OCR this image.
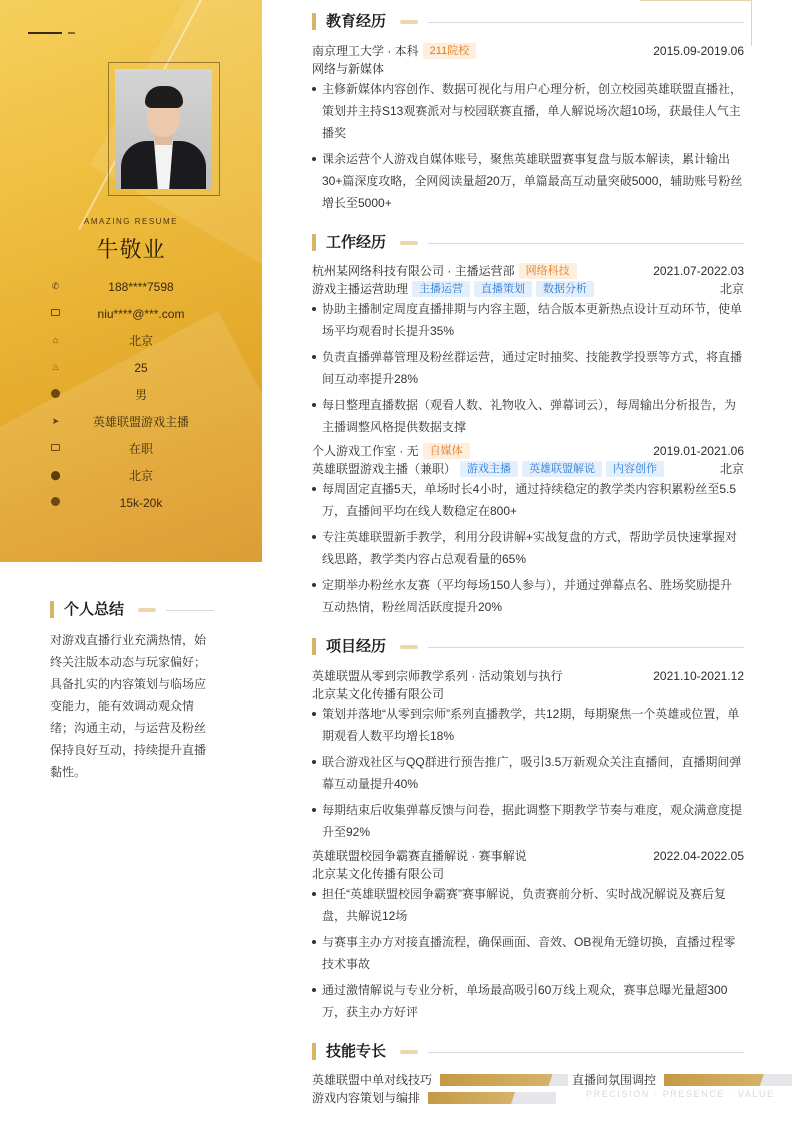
AMAZING RESUME
牛敬业
✆	188****7598
niu****@***.com
⌂	北京
♨	25
男
➤	英雄联盟游戏主播
在职
⬤	北京
15k-20k
个人总结
对游戏直播行业充满热情，始终关注版本动态与玩家偏好；具备扎实的内容策划与临场应变能力，能有效调动观众情绪；沟通主动，与运营及粉丝保持良好互动，持续提升直播黏性。
教育经历
南京理工大学 · 本科 211院校	2015.09-2019.06
网络与新媒体
主修新媒体内容创作、数据可视化与用户心理分析，创立校园英雄联盟直播社，策划并主持S13观赛派对与校园联赛直播，单人解说场次超10场，获最佳人气主播奖
课余运营个人游戏自媒体账号，聚焦英雄联盟赛事复盘与版本解读，累计输出30+篇深度攻略，全网阅读量超20万，单篇最高互动量突破5000，辅助账号粉丝增长至5000+
工作经历
杭州某网络科技有限公司 · 主播运营部 网络科技	2021.07-2022.03
游戏主播运营助理 主播运营 直播策划 数据分析	北京
协助主播制定周度直播排期与内容主题，结合版本更新热点设计互动环节，使单场平均观看时长提升35%
负责直播弹幕管理及粉丝群运营，通过定时抽奖、技能教学投票等方式，将直播间互动率提升28%
每日整理直播数据（观看人数、礼物收入、弹幕词云），每周输出分析报告，为主播调整风格提供数据支撑
个人游戏工作室 · 无 自媒体	2019.01-2021.06
英雄联盟游戏主播（兼职） 游戏主播 英雄联盟解说 内容创作	北京
每周固定直播5天，单场时长4小时，通过持续稳定的教学类内容积累粉丝至5.5万，直播间平均在线人数稳定在800+
专注英雄联盟新手教学，利用分段讲解+实战复盘的方式，帮助学员快速掌握对线思路，教学类内容占总观看量的65%
定期举办粉丝水友赛（平均每场150人参与），并通过弹幕点名、胜场奖励提升互动热情，粉丝周活跃度提升20%
项目经历
英雄联盟从零到宗师教学系列 · 活动策划与执行	2021.10-2021.12
北京某文化传播有限公司
策划并落地“从零到宗师”系列直播教学，共12期，每期聚焦一个英雄或位置，单期观看人数平均增长18%
联合游戏社区与QQ群进行预告推广，吸引3.5万新观众关注直播间，直播期间弹幕互动量提升40%
每期结束后收集弹幕反馈与问卷，据此调整下期教学节奏与难度，观众满意度提升至92%
英雄联盟校园争霸赛直播解说 · 赛事解说	2022.04-2022.05
北京某文化传播有限公司
担任“英雄联盟校园争霸赛”赛事解说，负责赛前分析、实时战况解说及赛后复盘，共解说12场
与赛事主办方对接直播流程，确保画面、音效、OB视角无缝切换，直播过程零技术事故
通过激情解说与专业分析，单场最高吸引60万线上观众，赛事总曝光量超300万，获主办方好评
技能专长
英雄联盟中单对线技巧	直播间氛围调控
游戏内容策划与编排	PRECISION · PRESENCE · VALUE
